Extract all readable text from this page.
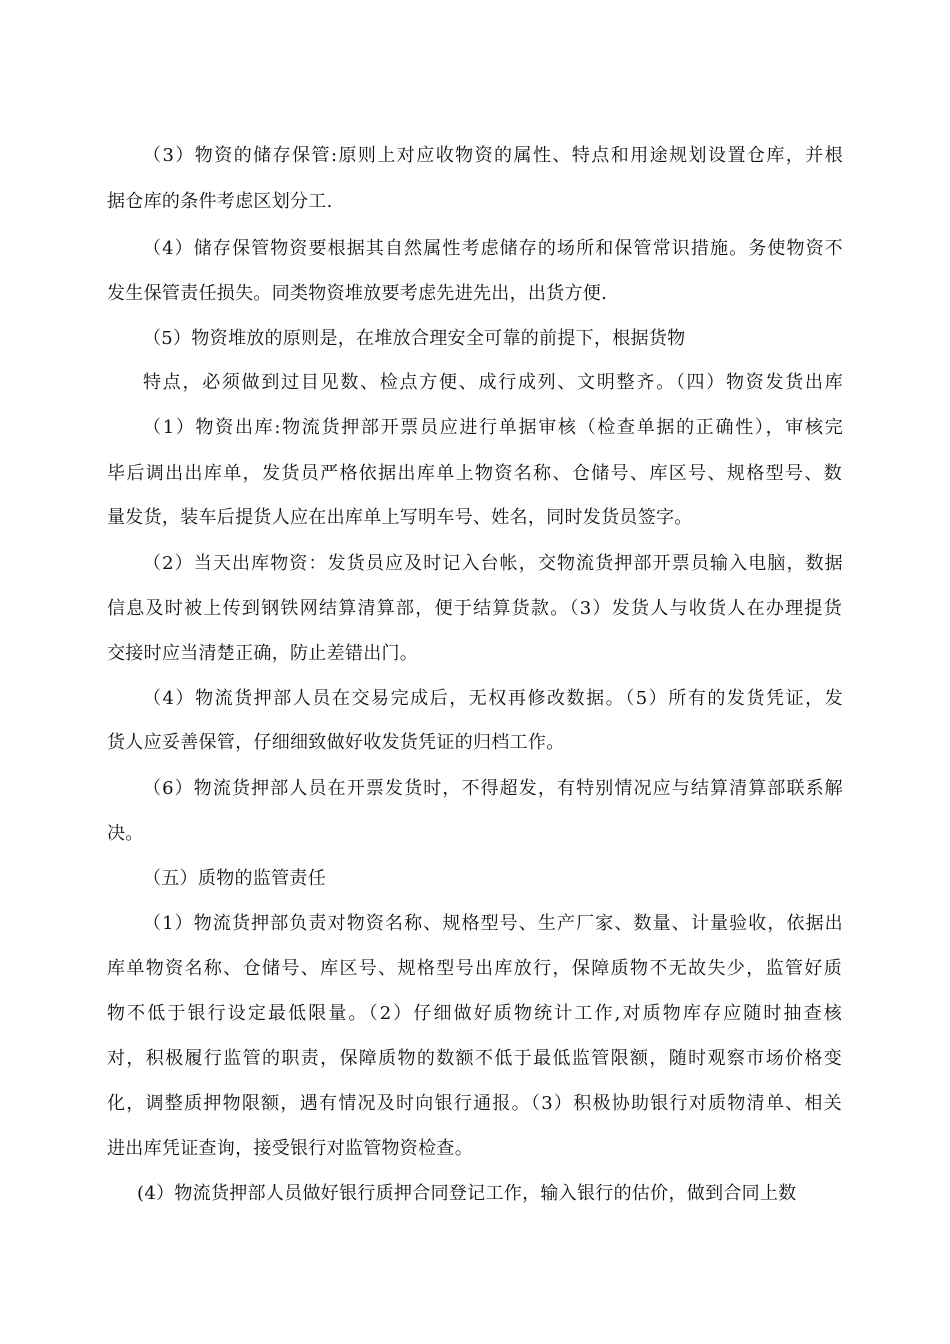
（3）物资的储存保管:原则上对应收物资的属性、特点和用途规划设置仓库，并根
据仓库的条件考虑区划分工.
（4）储存保管物资要根据其自然属性考虑储存的场所和保管常识措施。务使物资不
发生保管责任损失。同类物资堆放要考虑先进先出，出货方便.
（5）物资堆放的原则是，在堆放合理安全可靠的前提下，根据货物
特点，必须做到过目见数、检点方便、成行成列、文明整齐。（四）物资发货出库
（1）物资出库:物流货押部开票员应进行单据审核（检查单据的正确性），审核完
毕后调出出库单，发货员严格依据出库单上物资名称、仓储号、库区号、规格型号、数
量发货，装车后提货人应在出库单上写明车号、姓名，同时发货员签字。
（2）当天出库物资：发货员应及时记入台帐，交物流货押部开票员输入电脑，数据
信息及时被上传到钢铁网结算清算部，便于结算货款。（3）发货人与收货人在办理提货
交接时应当清楚正确，防止差错出门。
（4）物流货押部人员在交易完成后，无权再修改数据。（5）所有的发货凭证，发
货人应妥善保管，仔细细致做好收发货凭证的归档工作。
（6）物流货押部人员在开票发货时，不得超发，有特别情况应与结算清算部联系解
决。
（五）质物的监管责任
（1）物流货押部负责对物资名称、规格型号、生产厂家、数量、计量验收，依据出
库单物资名称、仓储号、库区号、规格型号出库放行，保障质物不无故失少，监管好质
物不低于银行设定最低限量。（2）仔细做好质物统计工作,对质物库存应随时抽查核
对，积极履行监管的职责，保障质物的数额不低于最低监管限额，随时观察市场价格变
化，调整质押物限额，遇有情况及时向银行通报。（3）积极协助银行对质物清单、相关
进出库凭证查询，接受银行对监管物资检查。
(4）物流货押部人员做好银行质押合同登记工作，输入银行的估价，做到合同上数
